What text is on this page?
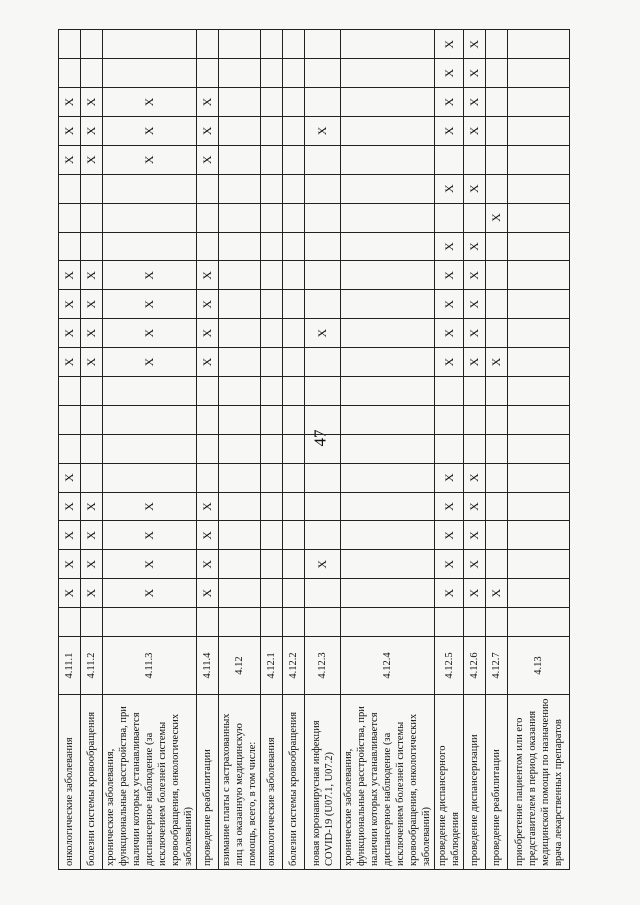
47
онкологические заболевания	4.11.1		X	X	X	X	X				X	X	X	X				X	X	X		
болезни системы кровообращения	4.11.2		X	X	X	X					X	X	X	X				X	X	X		
хронические заболевания, функциональные расстройства, при наличии которых устанавливается диспансерное наблюдение (за исключением болезней системы кровообращения, онкологических заболеваний)	4.11.3		X	X	X	X					X	X	X	X				X	X	X		
проведение реабилитации	4.11.4		X	X	X	X					X	X	X	X				X	X	X		
взимание платы с застрахованных лиц за оказанную медицинскую помощь, всего, в том числе:	4.12																					
онкологические заболевания	4.12.1																					
болезни системы кровообращения	4.12.2																					
новая коронавирусная инфекция COVID-19 (U07.1, U07.2)	4.12.3			X								X							X			
хронические заболевания, функциональные расстройства, при наличии которых устанавливается диспансерное наблюдение (за исключением болезней системы кровообращения, онкологических заболеваний)	4.12.4																					
проведение диспансерного наблюдения	4.12.5		X	X	X	X	X				X	X	X	X	X		X		X	X	X	X
проведение диспансеризации	4.12.6		X	X	X	X	X				X	X	X	X	X		X		X	X	X	X
проведение реабилитации	4.12.7		X								X					X						
приобретение пациентом или его представителем в период оказания медицинской помощи по назначению врача лекарственных препаратов	4.13																					
